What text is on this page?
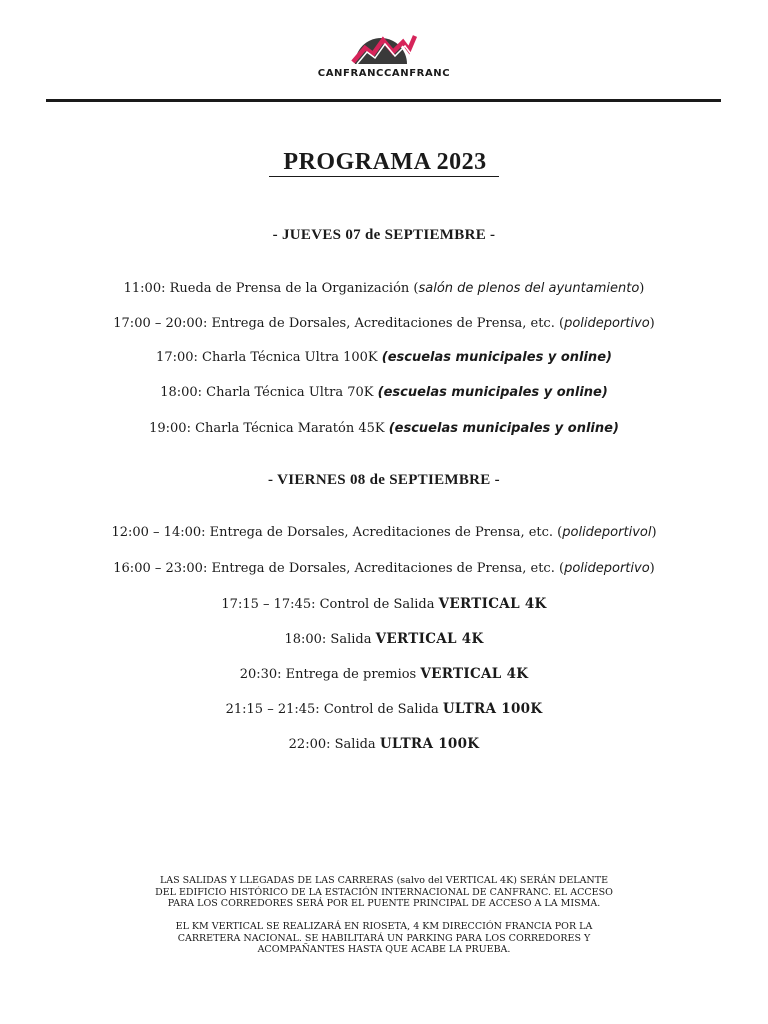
CANFRANCCANFRANC
PROGRAMA 2023
- JUEVES 07 de SEPTIEMBRE -
11:00: Rueda de Prensa de la Organización (salón de plenos del ayuntamiento)
17:00 – 20:00: Entrega de Dorsales, Acreditaciones de Prensa, etc. (polideportivo)
17:00: Charla Técnica Ultra 100K (escuelas municipales y online)
18:00: Charla Técnica Ultra 70K (escuelas municipales y online)
19:00: Charla Técnica Maratón 45K (escuelas municipales y online)
- VIERNES 08 de SEPTIEMBRE -
12:00 – 14:00: Entrega de Dorsales, Acreditaciones de Prensa, etc. (polideportivol)
16:00 – 23:00: Entrega de Dorsales, Acreditaciones de Prensa, etc. (polideportivo)
17:15 – 17:45: Control de Salida VERTICAL 4K
18:00: Salida VERTICAL 4K
20:30: Entrega de premios VERTICAL 4K
21:15 – 21:45: Control de Salida ULTRA 100K
22:00: Salida ULTRA 100K

LAS SALIDAS Y LLEGADAS DE LAS CARRERAS (salvo del VERTICAL 4K) SERÁN DELANTE
DEL EDIFICIO HISTÓRICO DE LA ESTACIÓN INTERNACIONAL DE CANFRANC. EL ACCESO
PARA LOS CORREDORES SERÁ POR EL PUENTE PRINCIPAL DE ACCESO A LA MISMA.

EL KM VERTICAL SE REALIZARÁ EN RIOSETA, 4 KM DIRECCIÓN FRANCIA POR LA
CARRETERA NACIONAL. SE HABILITARÁ UN PARKING PARA LOS CORREDORES Y
ACOMPAÑANTES HASTA QUE ACABE LA PRUEBA.
